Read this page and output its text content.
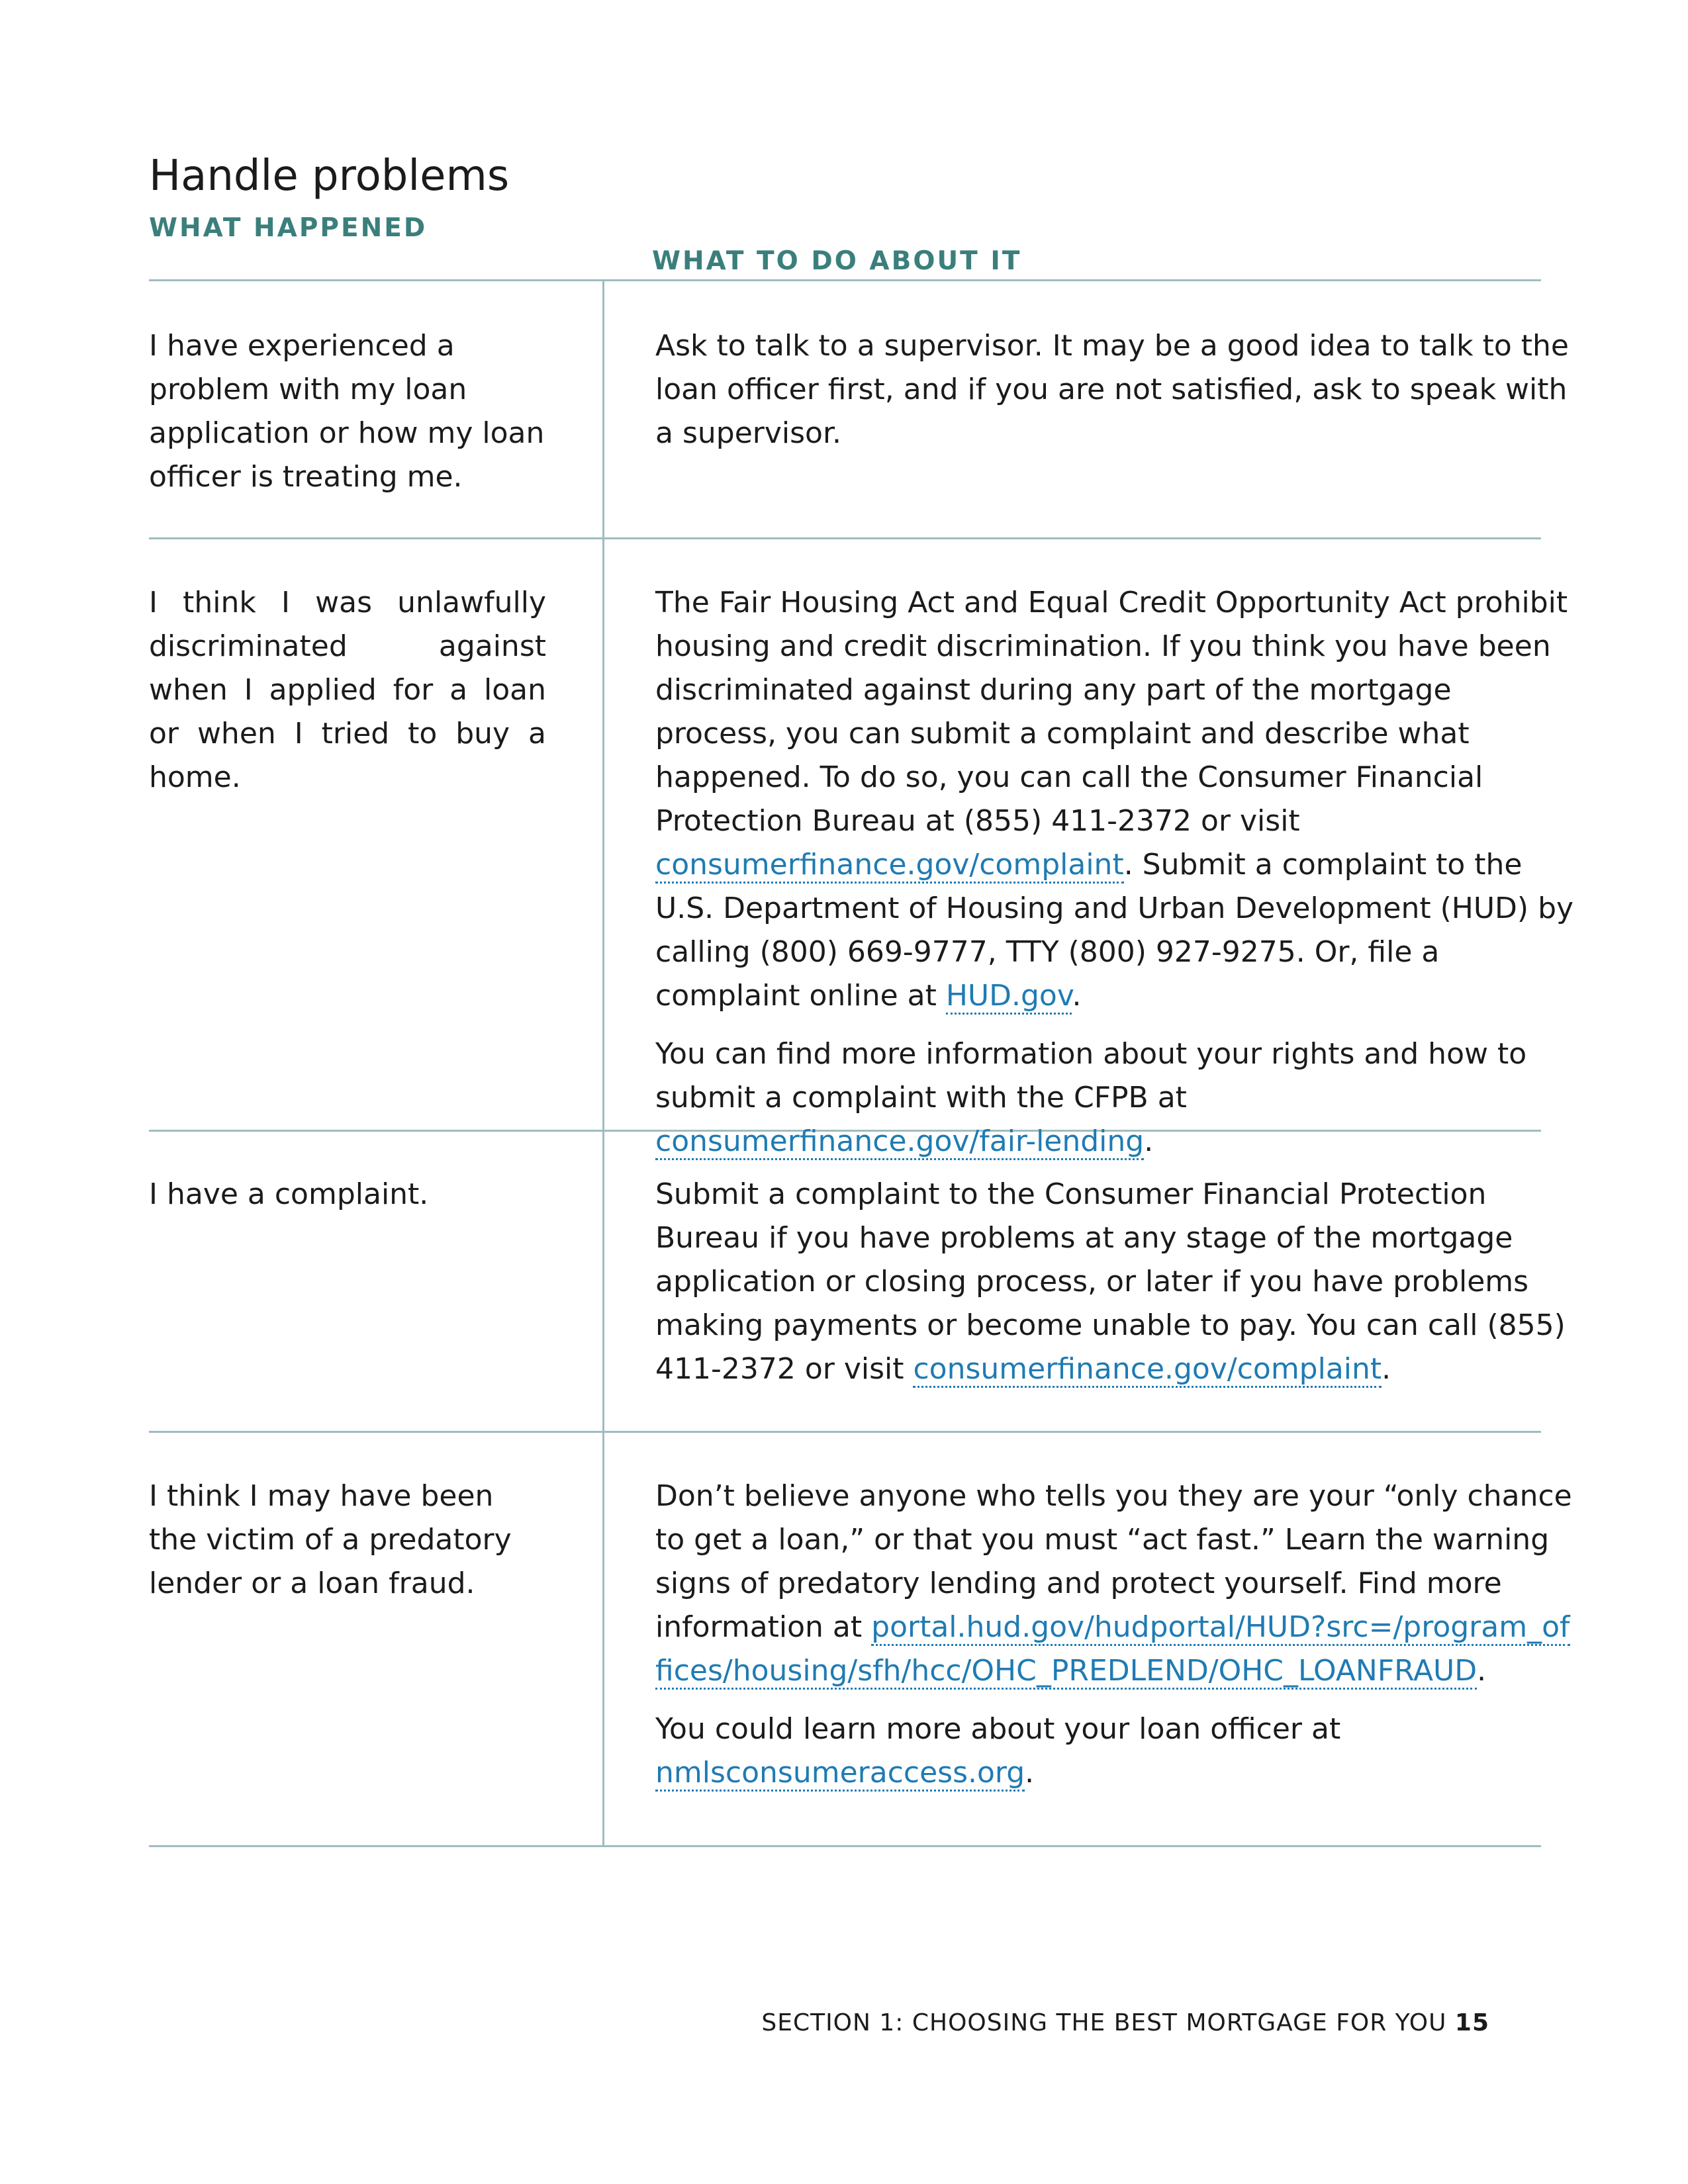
Handle problems
WHAT HAPPENED
WHAT TO DO ABOUT IT
I have experienced a problem with my loan application or how my loan officer is treating me.
Ask to talk to a supervisor. It may be a good idea to talk to the loan officer first, and if you are not satisfied, ask to speak with a supervisor.
I think I was unlawfully discriminated against when I applied for a loan or when I tried to buy a home.

The Fair Housing Act and Equal Credit Opportunity Act prohibit housing and credit discrimination. If you think you have been discriminated against during any part of the mortgage process, you can submit a complaint and describe what happened. To do so, you can call the Consumer Financial Protection Bureau at (855) 411-2372 or visit consumerfinance.gov/complaint. Submit a complaint to the U.S. Department of Housing and Urban Development (HUD) by calling (800) 669-9777, TTY (800) 927-9275. Or, file a complaint online at HUD.gov.

You can find more information about your rights and how to submit a complaint with the CFPB at consumerfinance.gov/fair-lending.

I have a complaint.	Submit a complaint to the Consumer Financial Protection Bureau if you have problems at any stage of the mortgage application or closing process, or later if you have problems making payments or become unable to pay. You can call (855) 411-2372 or visit consumerfinance.gov/complaint.

I think I may have been the victim of a predatory lender or a loan fraud.

Don’t believe anyone who tells you they are your “only chance to get a loan,” or that you must “act fast.” Learn the warning signs of predatory lending and protect yourself. Find more information at portal.hud.gov/hudportal/HUD?src=/program_offices/housing/sfh/hcc/OHC_PREDLEND/OHC_LOANFRAUD.

You could learn more about your loan officer at nmlsconsumeraccess.org.

SECTION 1: CHOOSING THE BEST MORTGAGE FOR YOU 15
